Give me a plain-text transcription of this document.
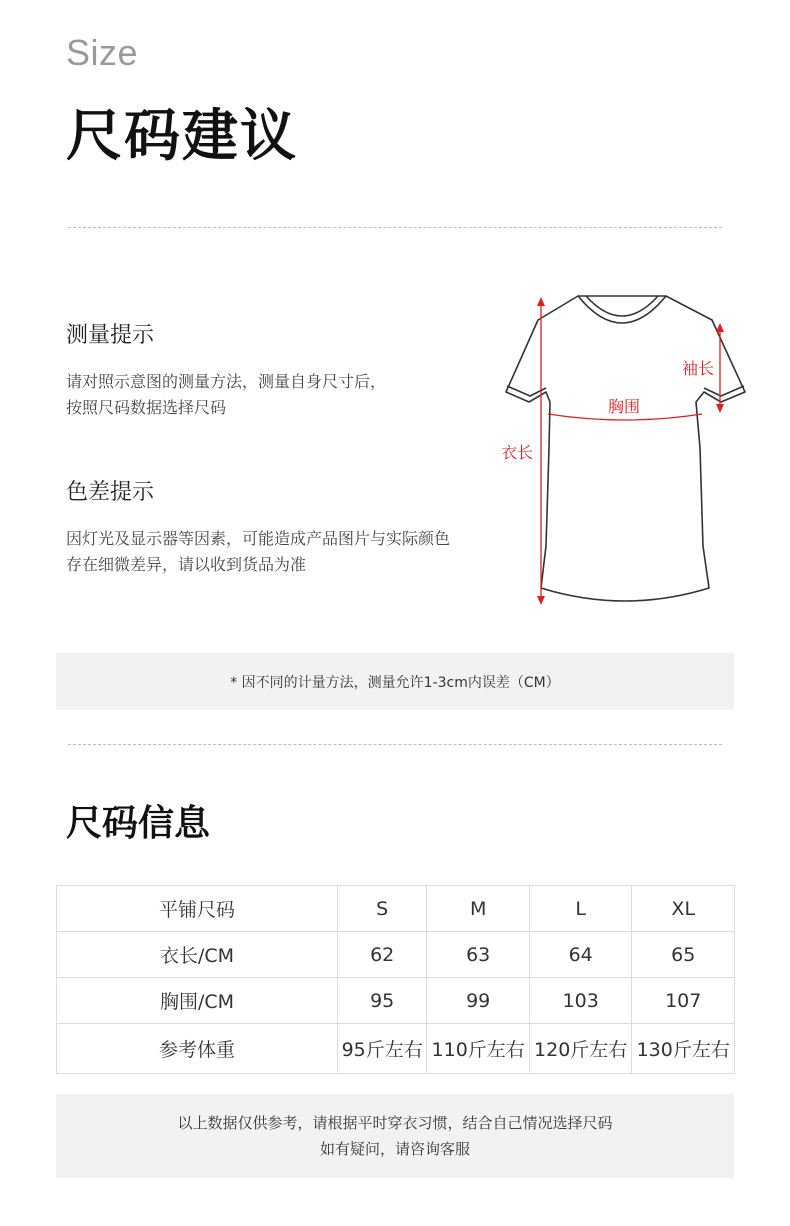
Size
尺码建议
测量提示
请对照示意图的测量方法，测量自身尺寸后，
按照尺码数据选择尺码
色差提示
因灯光及显示器等因素，可能造成产品图片与实际颜色
存在细微差异，请以收到货品为准
胸围
衣长
袖长
* 因不同的计量方法，测量允许1-3cm内误差（CM）
尺码信息
平铺尺码	S	M	L	XL
衣长/CM	62	63	64	65
胸围/CM	95	99	103	107
参考体重	95斤左右	110斤左右	120斤左右	130斤左右
以上数据仅供参考，请根据平时穿衣习惯，结合自己情况选择尺码
如有疑问，请咨询客服
